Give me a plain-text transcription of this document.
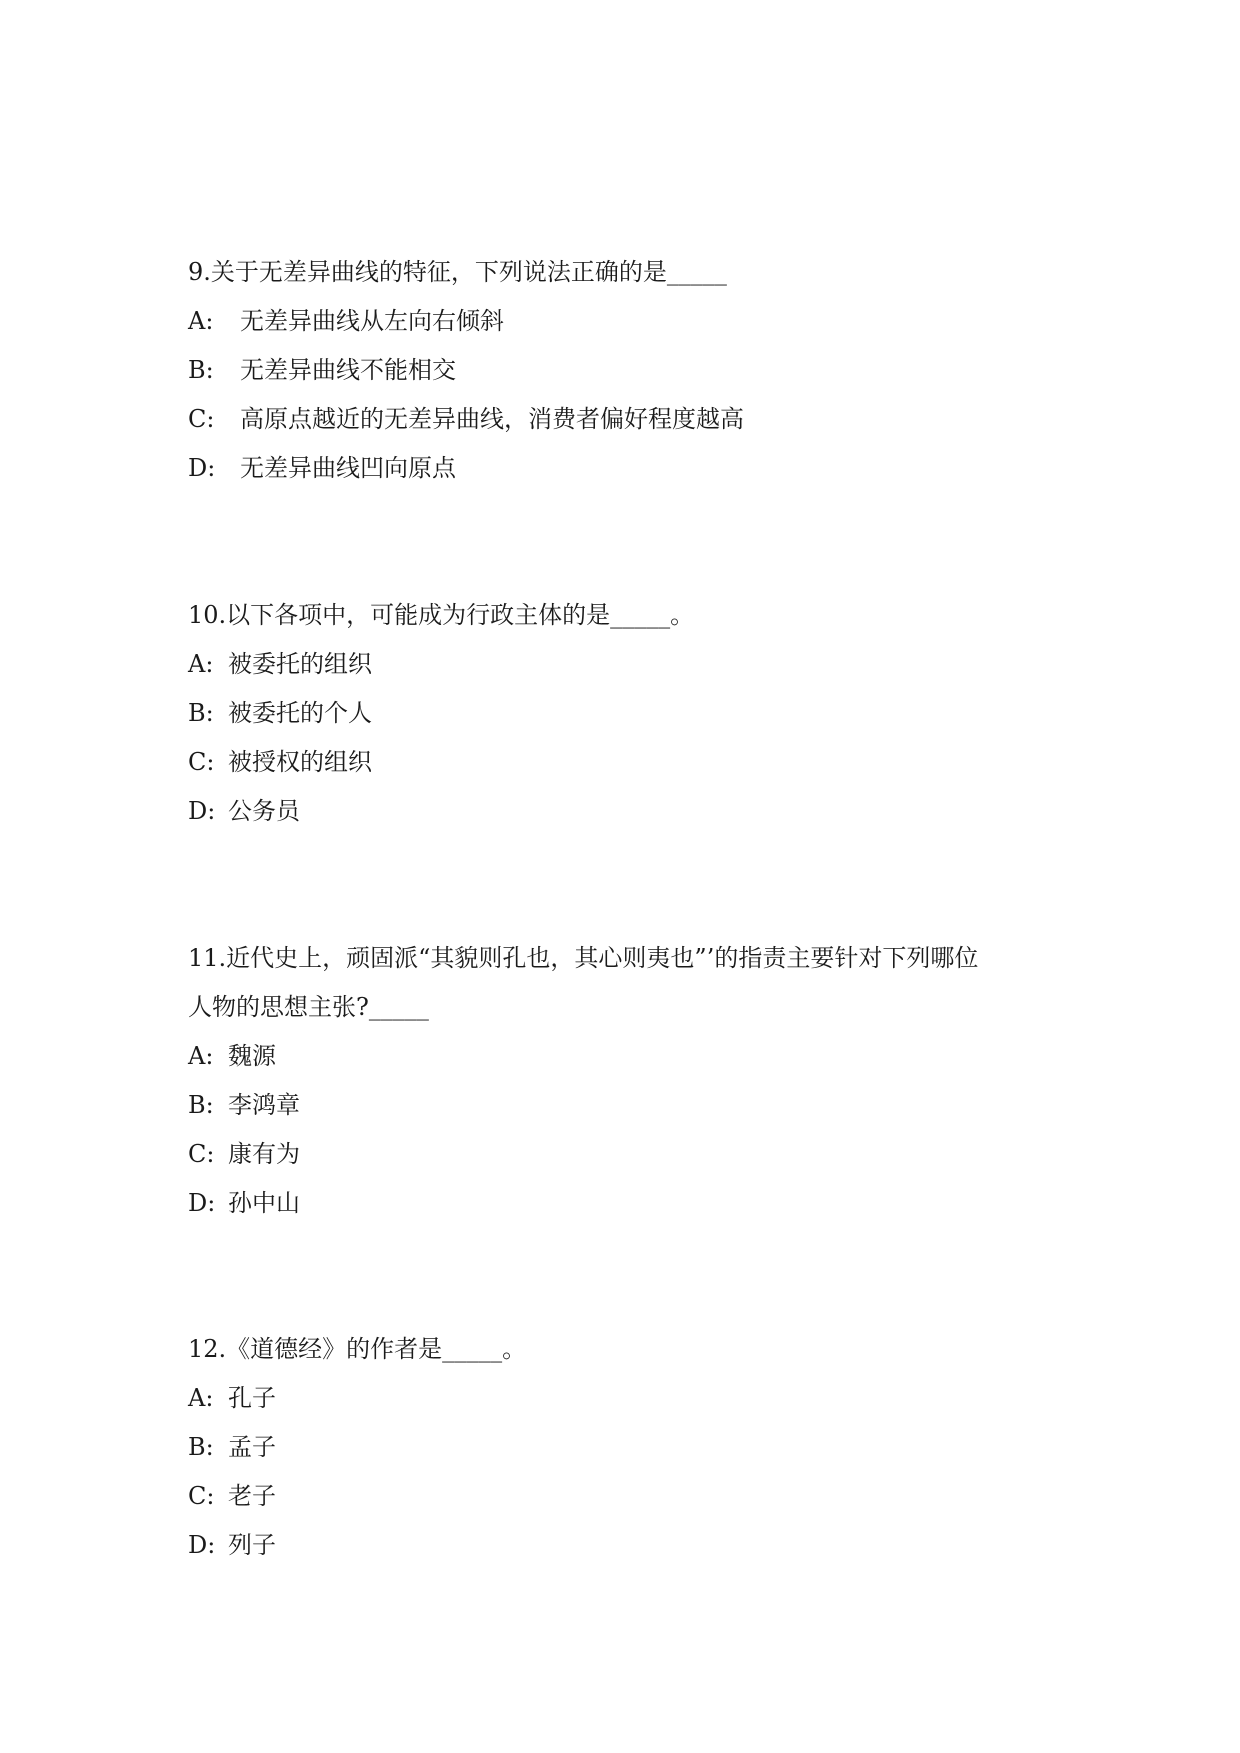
9.关于无差异曲线的特征，下列说法正确的是_____
A: 无差异曲线从左向右倾斜
B: 无差异曲线不能相交
C: 高原点越近的无差异曲线，消费者偏好程度越高
D: 无差异曲线凹向原点
10.以下各项中，可能成为行政主体的是_____。
A: 被委托的组织
B: 被委托的个人
C: 被授权的组织
D: 公务员
11.近代史上，顽固派“其貌则孔也，其心则夷也”’的指责主要针对下列哪位
人物的思想主张?_____
A: 魏源
B: 李鸿章
C: 康有为
D: 孙中山
12.《道德经》的作者是_____。
A: 孔子
B: 孟子
C: 老子
D: 列子
